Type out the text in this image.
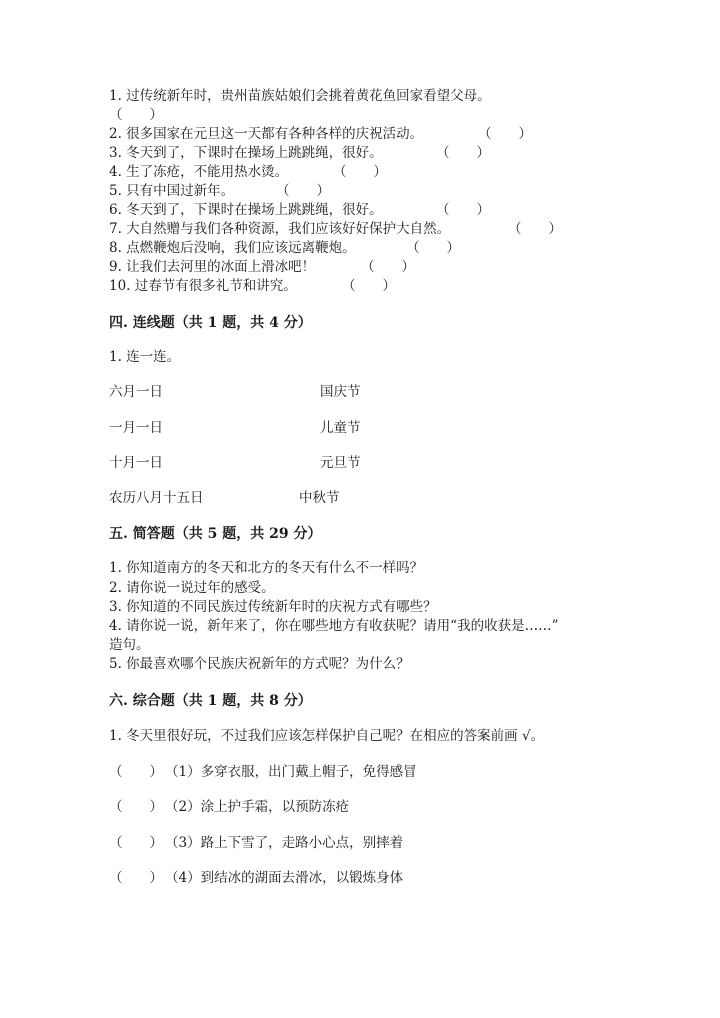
1. 过传统新年时，贵州苗族姑娘们会挑着黄花鱼回家看望父母。
（　　）
2. 很多国家在元旦这一天都有各种各样的庆祝活动。	（　　）
3. 冬天到了，下课时在操场上跳跳绳，很好。	（　　）
4. 生了冻疮，不能用热水烫。	（　　）
5. 只有中国过新年。	（　　）
6. 冬天到了，下课时在操场上跳跳绳，很好。	（　　）
7. 大自然赠与我们各种资源，我们应该好好保护大自然。	（　　）
8. 点燃鞭炮后没响，我们应该远离鞭炮。	（　　）
9. 让我们去河里的冰面上滑冰吧！	（　　）
10. 过春节有很多礼节和讲究。	（　　）
四. 连线题（共 1 题，共 4 分）
1. 连一连。
六月一日	国庆节
一月一日	儿童节
十月一日	元旦节
农历八月十五日	中秋节
五. 简答题（共 5 题，共 29 分）
1. 你知道南方的冬天和北方的冬天有什么不一样吗？
2. 请你说一说过年的感受。
3. 你知道的不同民族过传统新年时的庆祝方式有哪些？
4. 请你说一说，新年来了，你在哪些地方有收获呢？请用“我的收获是……”
造句。
5. 你最喜欢哪个民族庆祝新年的方式呢？为什么？
六. 综合题（共 1 题，共 8 分）
1. 冬天里很好玩，不过我们应该怎样保护自己呢？在相应的答案前画 √。
（　　） （1）多穿衣服，出门戴上帽子，免得感冒
（　　） （2）涂上护手霜，以预防冻疮
（　　） （3）路上下雪了，走路小心点，别摔着
（　　） （4）到结冰的湖面去滑冰，以锻炼身体
